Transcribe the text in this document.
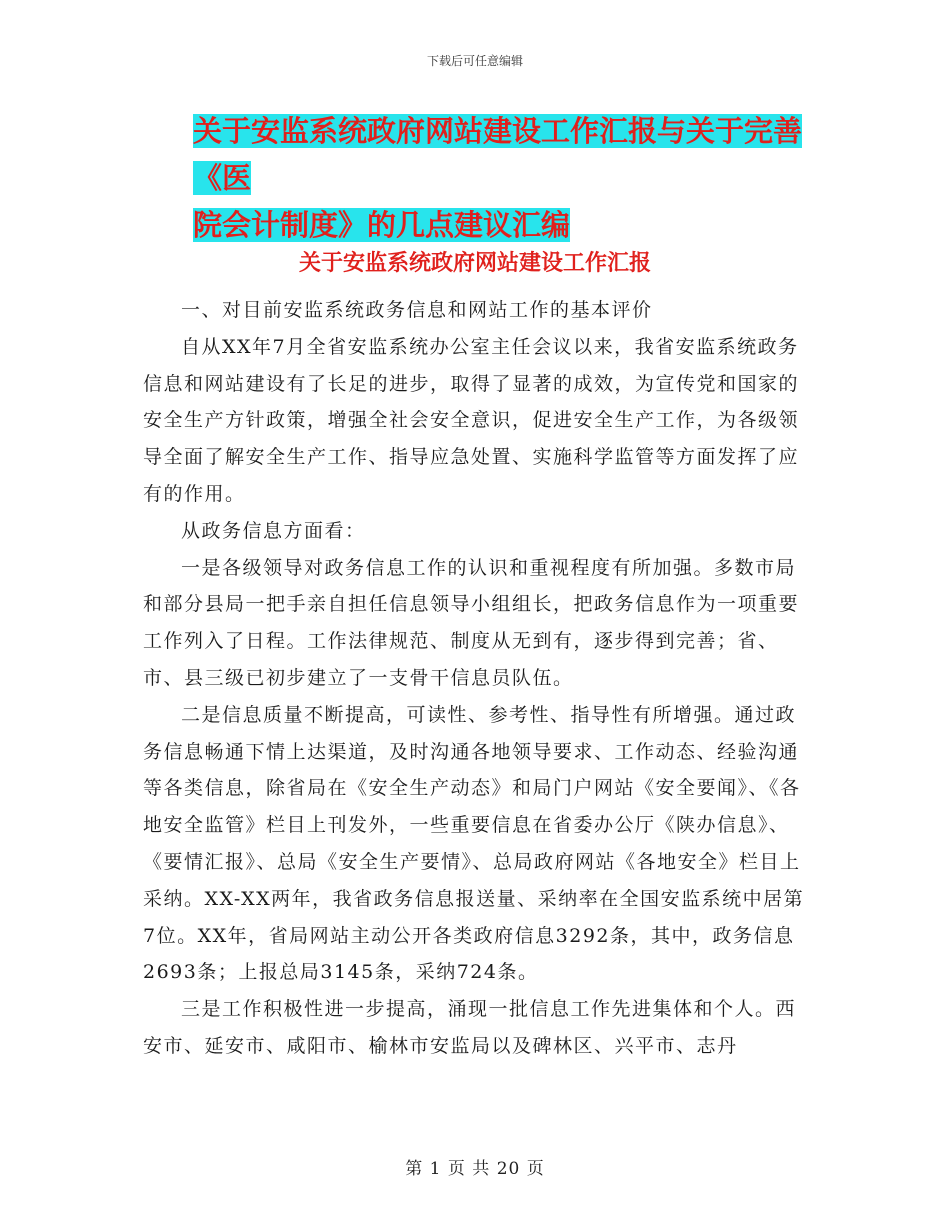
下载后可任意编辑
关于安监系统政府网站建设工作汇报与关于完善《医
院会计制度》的几点建议汇编
关于安监系统政府网站建设工作汇报

一、对目前安监系统政务信息和网站工作的基本评价

自从XX年7月全省安监系统办公室主任会议以来，我省安监系统政务信息和网站建设有了长足的进步，取得了显著的成效，为宣传党和国家的安全生产方针政策，增强全社会安全意识，促进安全生产工作，为各级领导全面了解安全生产工作、指导应急处置、实施科学监管等方面发挥了应有的作用。

从政务信息方面看：

一是各级领导对政务信息工作的认识和重视程度有所加强。多数市局和部分县局一把手亲自担任信息领导小组组长，把政务信息作为一项重要工作列入了日程。工作法律规范、制度从无到有，逐步得到完善；省、市、县三级已初步建立了一支骨干信息员队伍。

二是信息质量不断提高，可读性、参考性、指导性有所增强。通过政务信息畅通下情上达渠道，及时沟通各地领导要求、工作动态、经验沟通等各类信息，除省局在《安全生产动态》和局门户网站《安全要闻》、《各地安全监管》栏目上刊发外，一些重要信息在省委办公厅《陕办信息》、《要情汇报》、总局《安全生产要情》、总局政府网站《各地安全》栏目上采纳。XX-XX两年，我省政务信息报送量、采纳率在全国安监系统中居第7位。XX年，省局网站主动公开各类政府信息3292条，其中，政务信息2693条；上报总局3145条，采纳724条。

三是工作积极性进一步提高，涌现一批信息工作先进集体和个人。西安市、延安市、咸阳市、榆林市安监局以及碑林区、兴平市、志丹

第 1 页 共 20 页
